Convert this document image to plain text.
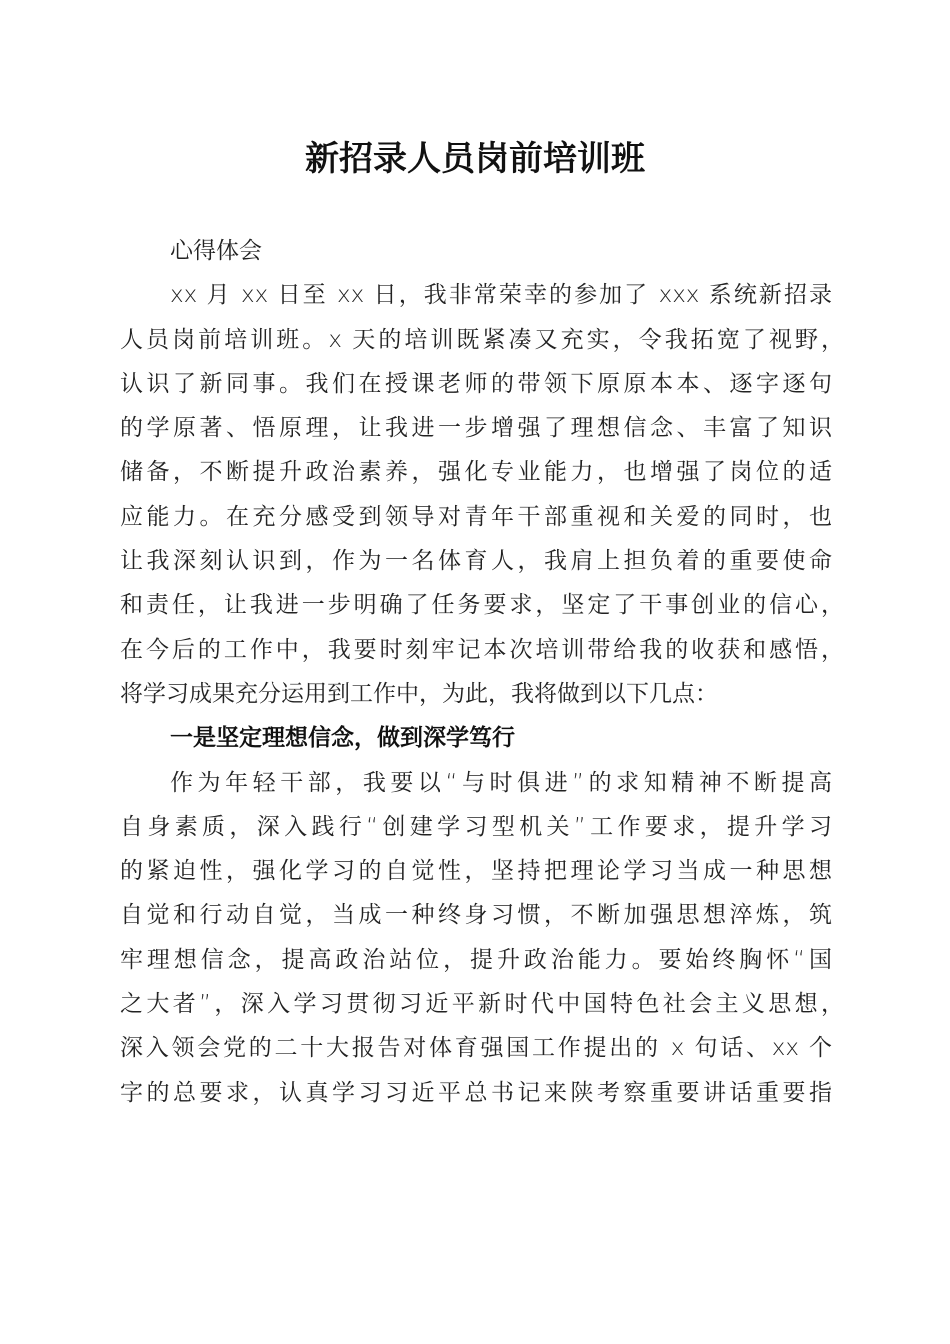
新招录人员岗前培训班
心得体会
xx 月 xx 日至 xx 日，我非常荣幸的参加了 xxx 系统新招录
人员岗前培训班。x 天的培训既紧凑又充实，令我拓宽了视野，
认识了新同事。我们在授课老师的带领下原原本本、逐字逐句
的学原著、悟原理，让我进一步增强了理想信念、丰富了知识
储备，不断提升政治素养，强化专业能力，也增强了岗位的适
应能力。在充分感受到领导对青年干部重视和关爱的同时，也
让我深刻认识到，作为一名体育人，我肩上担负着的重要使命
和责任，让我进一步明确了任务要求，坚定了干事创业的信心，
在今后的工作中，我要时刻牢记本次培训带给我的收获和感悟，
将学习成果充分运用到工作中，为此，我将做到以下几点：
一是坚定理想信念，做到深学笃行
作为年轻干部，我要以“与时俱进”的求知精神不断提高
自身素质，深入践行“创建学习型机关”工作要求，提升学习
的紧迫性，强化学习的自觉性，坚持把理论学习当成一种思想
自觉和行动自觉，当成一种终身习惯，不断加强思想淬炼，筑
牢理想信念，提高政治站位，提升政治能力。要始终胸怀“国
之大者”，深入学习贯彻习近平新时代中国特色社会主义思想，
深入领会党的二十大报告对体育强国工作提出的 x 句话、xx 个
字的总要求，认真学习习近平总书记来陕考察重要讲话重要指
